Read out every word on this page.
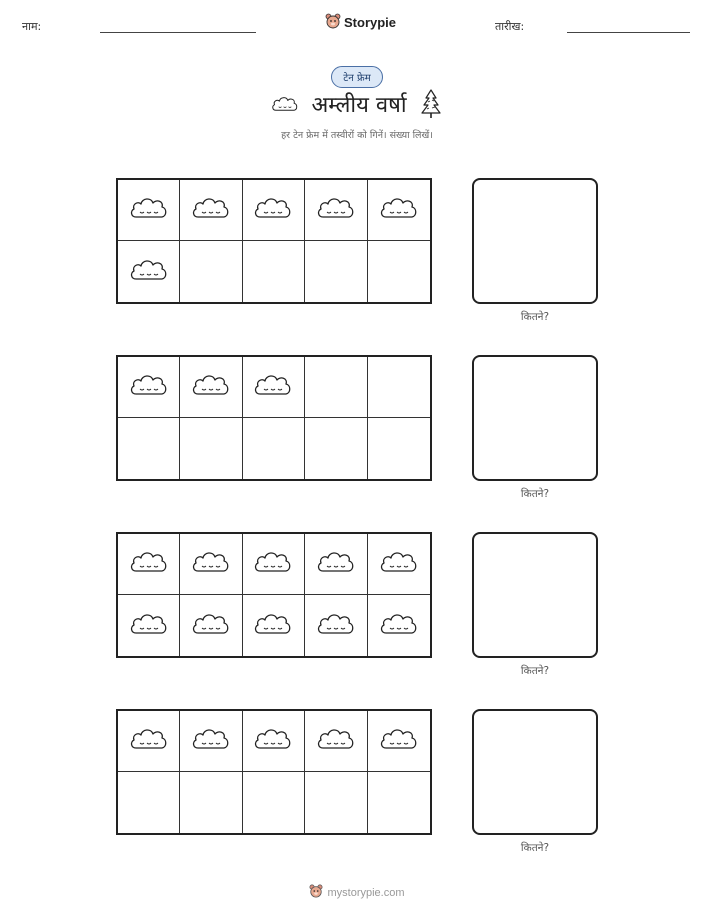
नाम:	Storypie	तारीख:
टेन फ्रेम
अम्लीय वर्षा
हर टेन फ्रेम में तस्वीरों को गिनें। संख्या लिखें।
कितने?
कितने?
कितने?
कितने?
mystorypie.com
